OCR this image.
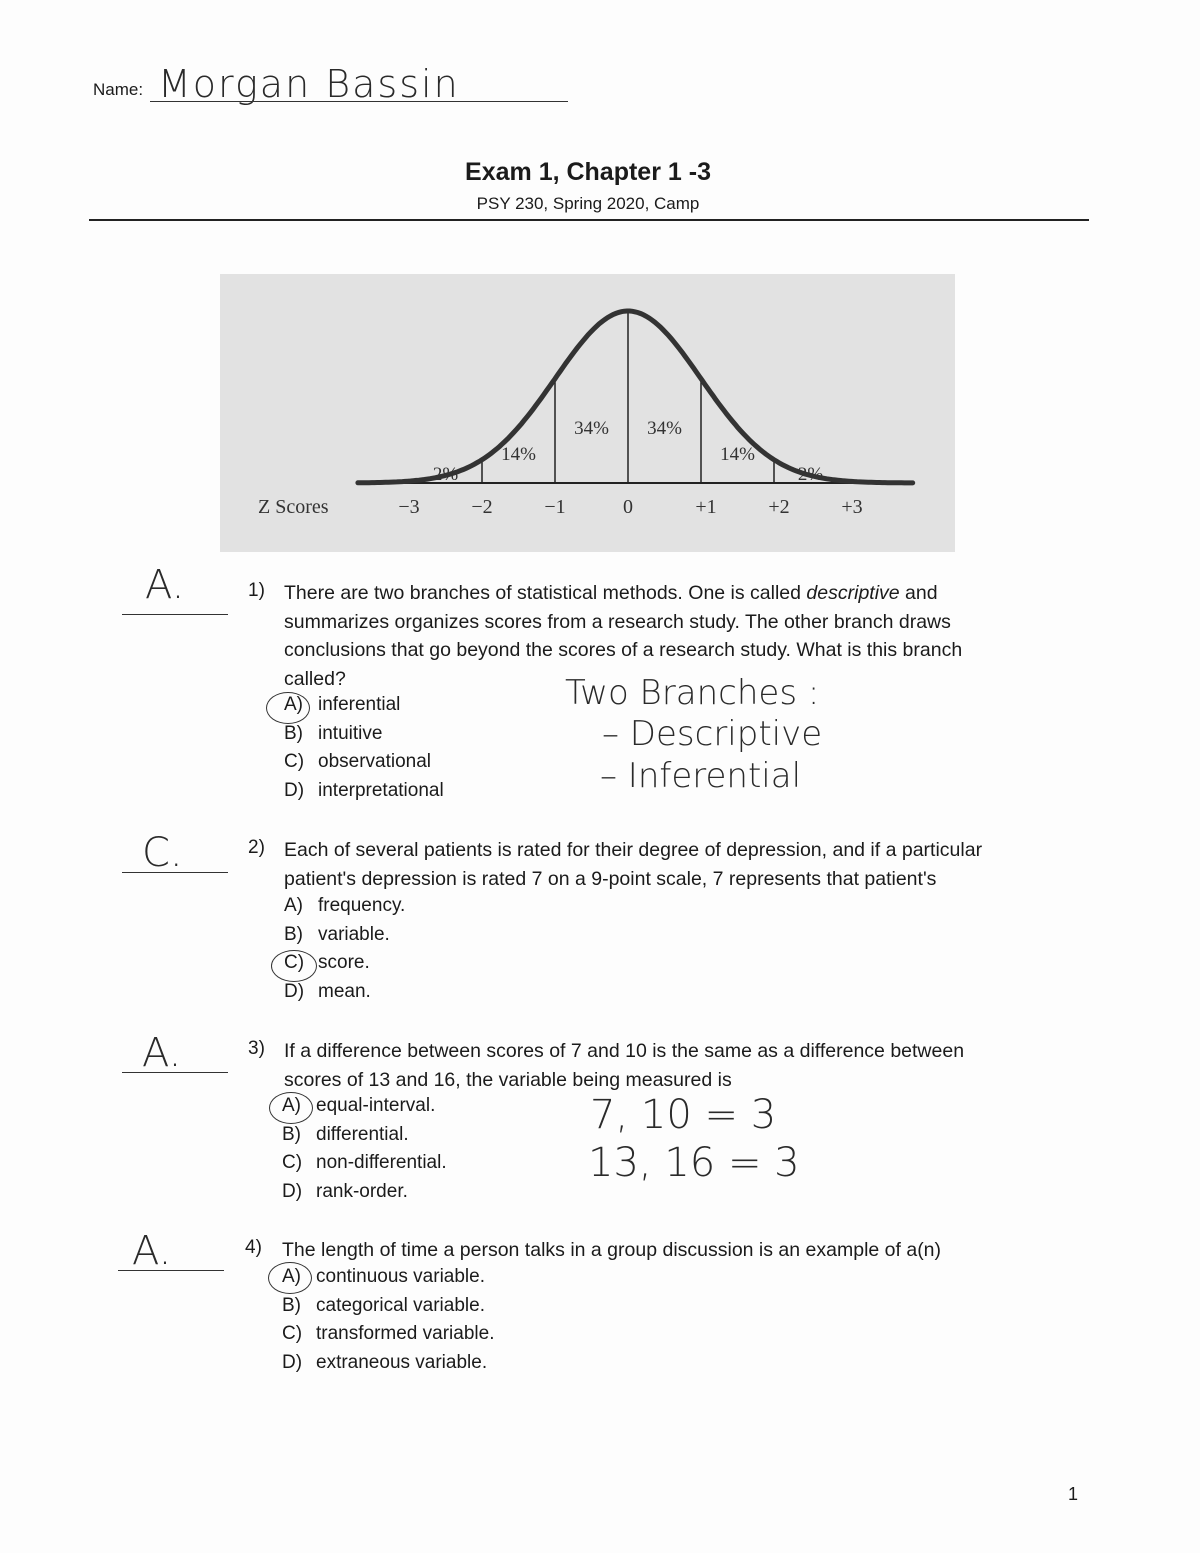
Name: Morgan Bassin
Exam 1, Chapter 1 -3
PSY 230, Spring 2020, Camp
2%
14%
34% 34%
14%
2%
Z Scores	−3	−2	−1	0	+1	+2	+3
A.	1) There are two branches of statistical methods. One is called descriptive and
summarizes organizes scores from a research study. The other branch draws
conclusions that go beyond the scores of a research study. What is this branch
called?
A) inferential
B) intuitive
C) observational
D) interpretational
Two Branches :
– Descriptive
– Inferential
C.	2) Each of several patients is rated for their degree of depression, and if a particular
patient's depression is rated 7 on a 9-point scale, 7 represents that patient's
A) frequency.
B) variable.
C) score.
D) mean.
A.	3) If a difference between scores of 7 and 10 is the same as a difference between
scores of 13 and 16, the variable being measured is
A) equal-interval.
B) differential.
C) non-differential.
D) rank-order.
7, 10 = 3
13, 16 = 3
A.	4) The length of time a person talks in a group discussion is an example of a(n)
A) continuous variable.
B) categorical variable.
C) transformed variable.
D) extraneous variable.
1
